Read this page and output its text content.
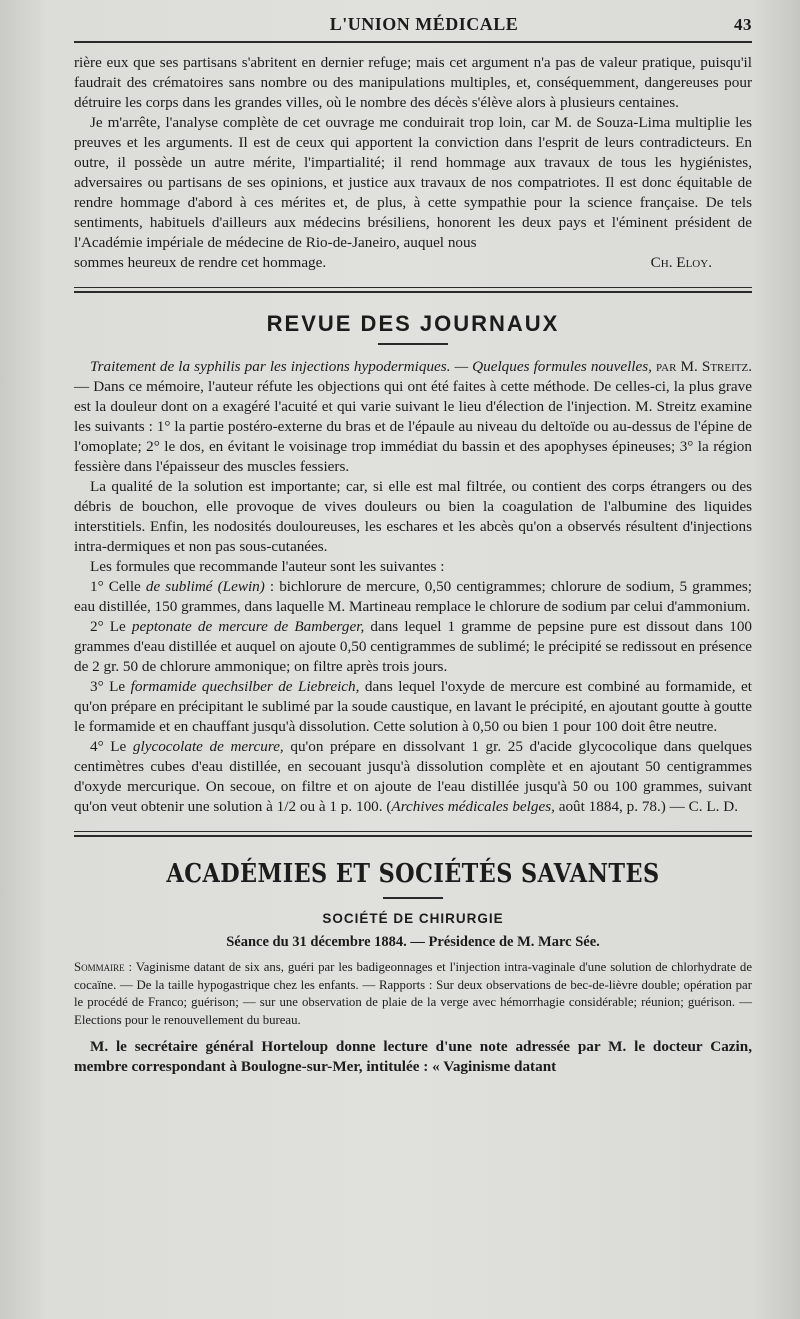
L'UNION MÉDICALE	43

rière eux que ses partisans s'abritent en dernier refuge; mais cet argument n'a pas de valeur pratique, puisqu'il faudrait des crématoires sans nombre ou des manipulations multiples, et, conséquemment, dangereuses pour détruire les corps dans les grandes villes, où le nombre des décès s'élève alors à plusieurs centaines.

Je m'arrête, l'analyse complète de cet ouvrage me conduirait trop loin, car M. de Souza-Lima multiplie les preuves et les arguments. Il est de ceux qui apportent la conviction dans l'esprit de leurs contradicteurs. En outre, il possède un autre mérite, l'impartialité; il rend hommage aux travaux de tous les hygiénistes, adversaires ou partisans de ses opinions, et justice aux travaux de nos compatriotes. Il est donc équitable de rendre hommage d'abord à ces mérites et, de plus, à cette sympathie pour la science française. De tels sentiments, habituels d'ailleurs aux médecins brésiliens, honorent les deux pays et l'éminent président de l'Académie impériale de médecine de Rio-de-Janeiro, auquel nous

sommes heureux de rendre cet hommage.	Ch. Eloy.
REVUE DES JOURNAUX

Traitement de la syphilis par les injections hypodermiques. — Quelques formules nouvelles, par M. Streitz. — Dans ce mémoire, l'auteur réfute les objections qui ont été faites à cette méthode. De celles-ci, la plus grave est la douleur dont on a exagéré l'acuité et qui varie suivant le lieu d'élection de l'injection. M. Streitz examine les suivants : 1° la partie postéro-externe du bras et de l'épaule au niveau du deltoïde ou au-dessus de l'épine de l'omoplate; 2° le dos, en évitant le voisinage trop immédiat du bassin et des apophyses épineuses; 3° la région fessière dans l'épaisseur des muscles fessiers.

La qualité de la solution est importante; car, si elle est mal filtrée, ou contient des corps étrangers ou des débris de bouchon, elle provoque de vives douleurs ou bien la coagulation de l'albumine des liquides interstitiels. Enfin, les nodosités douloureuses, les eschares et les abcès qu'on a observés résultent d'injections intra-dermiques et non pas sous-cutanées.

Les formules que recommande l'auteur sont les suivantes :

1° Celle de sublimé (Lewin) : bichlorure de mercure, 0,50 centigrammes; chlorure de sodium, 5 grammes; eau distillée, 150 grammes, dans laquelle M. Martineau remplace le chlorure de sodium par celui d'ammonium.

2° Le peptonate de mercure de Bamberger, dans lequel 1 gramme de pepsine pure est dissout dans 100 grammes d'eau distillée et auquel on ajoute 0,50 centigrammes de sublimé; le précipité se redissout en présence de 2 gr. 50 de chlorure ammonique; on filtre après trois jours.

3° Le formamide quechsilber de Liebreich, dans lequel l'oxyde de mercure est combiné au formamide, et qu'on prépare en précipitant le sublimé par la soude caustique, en lavant le précipité, en ajoutant goutte à goutte le formamide et en chauffant jusqu'à dissolution. Cette solution à 0,50 ou bien 1 pour 100 doit être neutre.

4° Le glycocolate de mercure, qu'on prépare en dissolvant 1 gr. 25 d'acide glycocolique dans quelques centimètres cubes d'eau distillée, en secouant jusqu'à dissolution complète et en ajoutant 50 centigrammes d'oxyde mercurique. On secoue, on filtre et on ajoute de l'eau distillée jusqu'à 50 ou 100 grammes, suivant qu'on veut obtenir une solution à 1/2 ou à 1 p. 100. (Archives médicales belges, août 1884, p. 78.) — C. L. D.

ACADÉMIES ET SOCIÉTÉS SAVANTES
SOCIÉTÉ DE CHIRURGIE
Séance du 31 décembre 1884. — Présidence de M. Marc Sée.
Sommaire : Vaginisme datant de six ans, guéri par les badigeonnages et l'injection intra-vaginale d'une solution de chlorhydrate de cocaïne. — De la taille hypogastrique chez les enfants. — Rapports : Sur deux observations de bec-de-lièvre double; opération par le procédé de Franco; guérison; — sur une observation de plaie de la verge avec hémorrhagie considérable; réunion; guérison. — Elections pour le renouvellement du bureau.

M. le secrétaire général Horteloup donne lecture d'une note adressée par M. le docteur Cazin, membre correspondant à Boulogne-sur-Mer, intitulée : « Vaginisme datant
